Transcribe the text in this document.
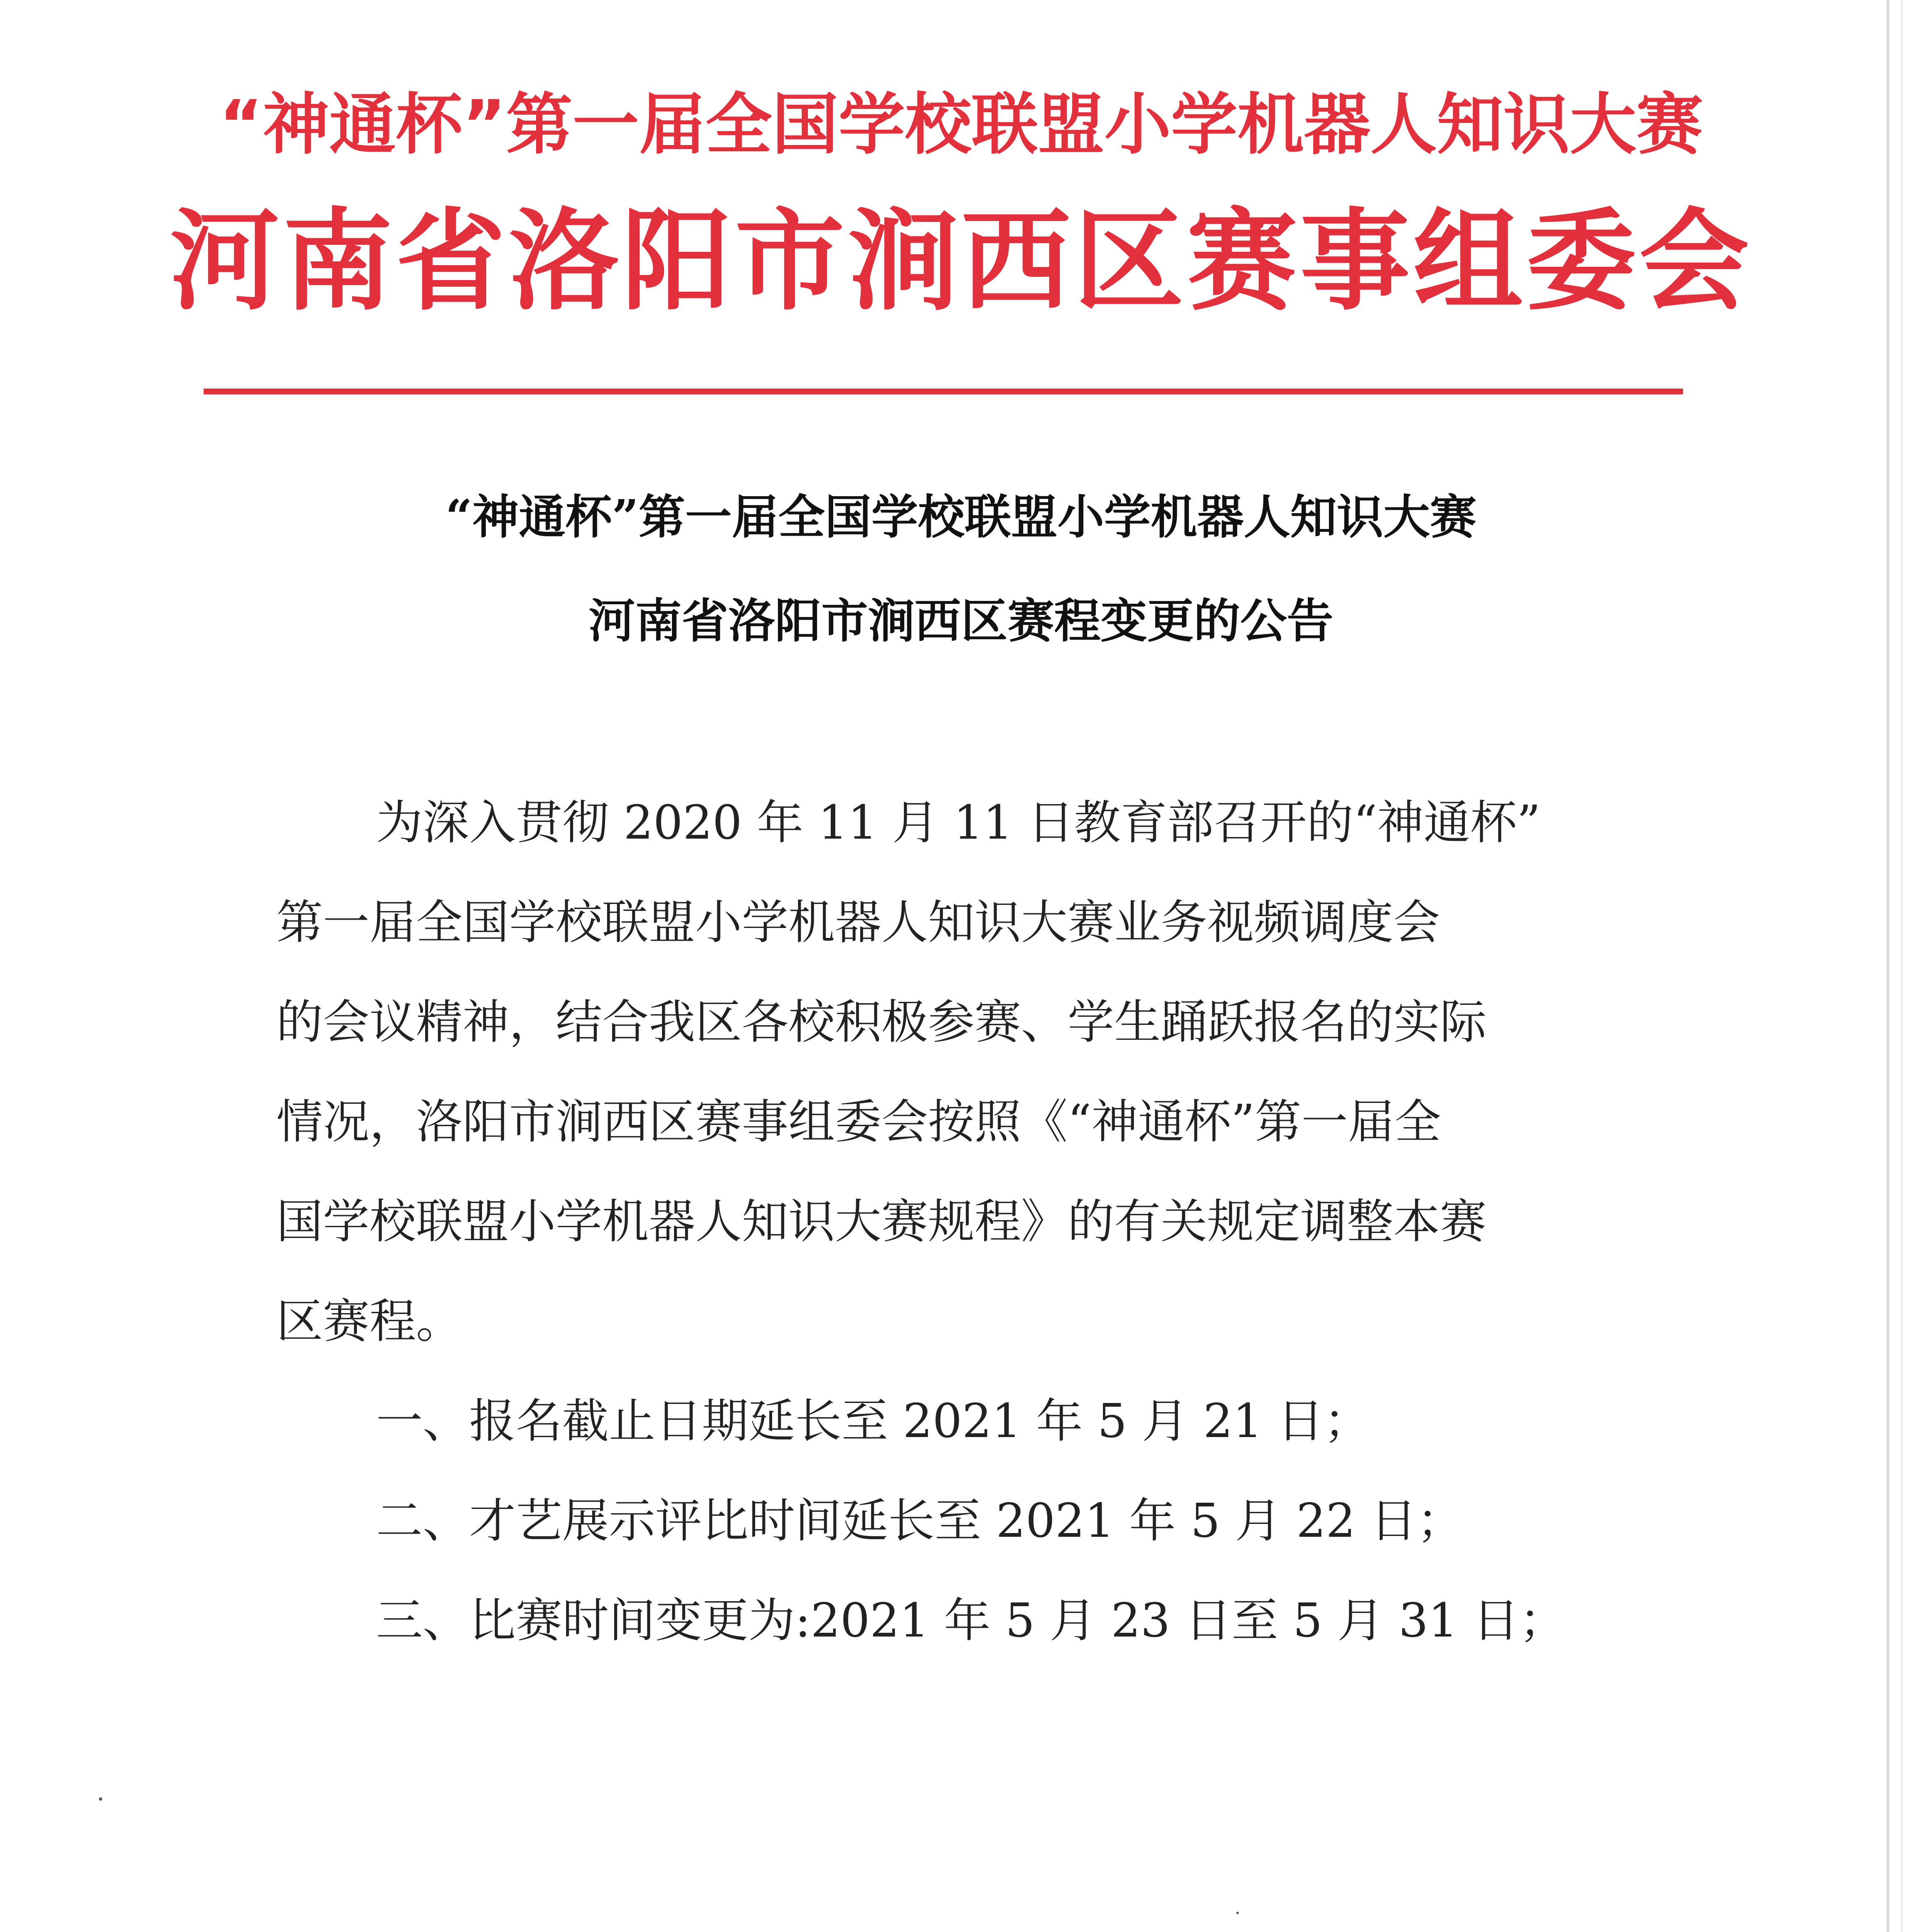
“神通杯”第一届全国学校联盟小学机器人知识大赛
河南省洛阳市涧西区赛事组委会
“神通杯”第一届全国学校联盟小学机器人知识大赛
河南省洛阳市涧西区赛程变更的公告
为深入贯彻 2020 年 11 月 11 日教育部召开的“神通杯”
第一届全国学校联盟小学机器人知识大赛业务视频调度会
的会议精神，结合我区各校积极参赛、学生踊跃报名的实际
情况，洛阳市涧西区赛事组委会按照《“神通杯”第一届全
国学校联盟小学机器人知识大赛规程》的有关规定调整本赛
区赛程。
一、报名截止日期延长至 2021 年 5 月 21 日；
二、才艺展示评比时间延长至 2021 年 5 月 22 日；
三、比赛时间变更为:2021 年 5 月 23 日至 5 月 31 日；
